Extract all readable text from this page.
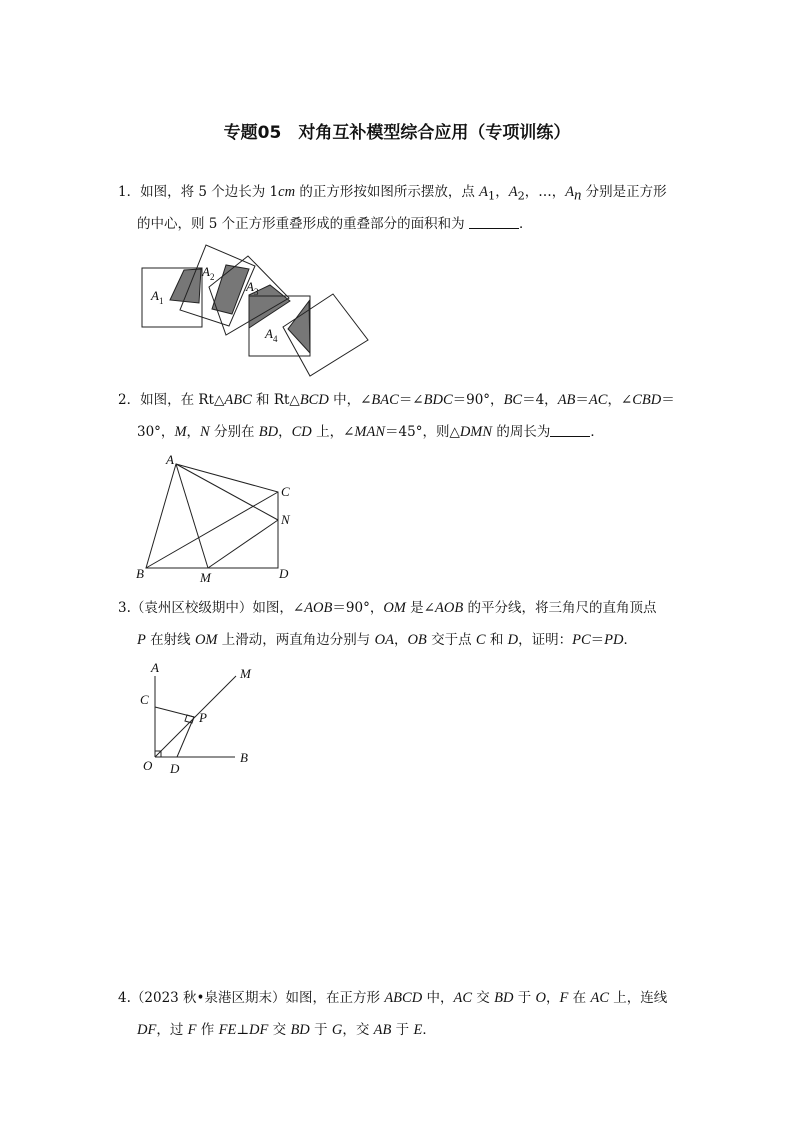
专题05　对角互补模型综合应用（专项训练）
1．如图，将 5 个边长为 1cm 的正方形按如图所示摆放，点 $A_1$，$A_2$，…，$A_n$ 分别是正方形
的中心，则 5 个正方形重叠形成的重叠部分的面积和为	．
$A_1$
$A_2$
$A_3$
$A_4$
2．如图，在 Rt△ABC 和 Rt△BCD 中，∠BAC＝∠BDC＝90°，BC＝4，AB＝AC，∠CBD＝
30°，M，N 分别在 BD，CD 上，∠MAN＝45°，则△DMN 的周长为	．
A
B
C
D
M
N
3.（袁州区校级期中）如图，∠AOB＝90°，OM 是∠AOB 的平分线，将三角尺的直角顶点
P 在射线 OM 上滑动，两直角边分别与 OA，OB 交于点 C 和 D，证明：PC＝PD．
A
B
C
D
M
O
P
4.（2023 秋•泉港区期末）如图，在正方形 ABCD 中，AC 交 BD 于 O，F 在 AC 上，连线
DF，过 F 作 FE⊥DF 交 BD 于 G，交 AB 于 E．
